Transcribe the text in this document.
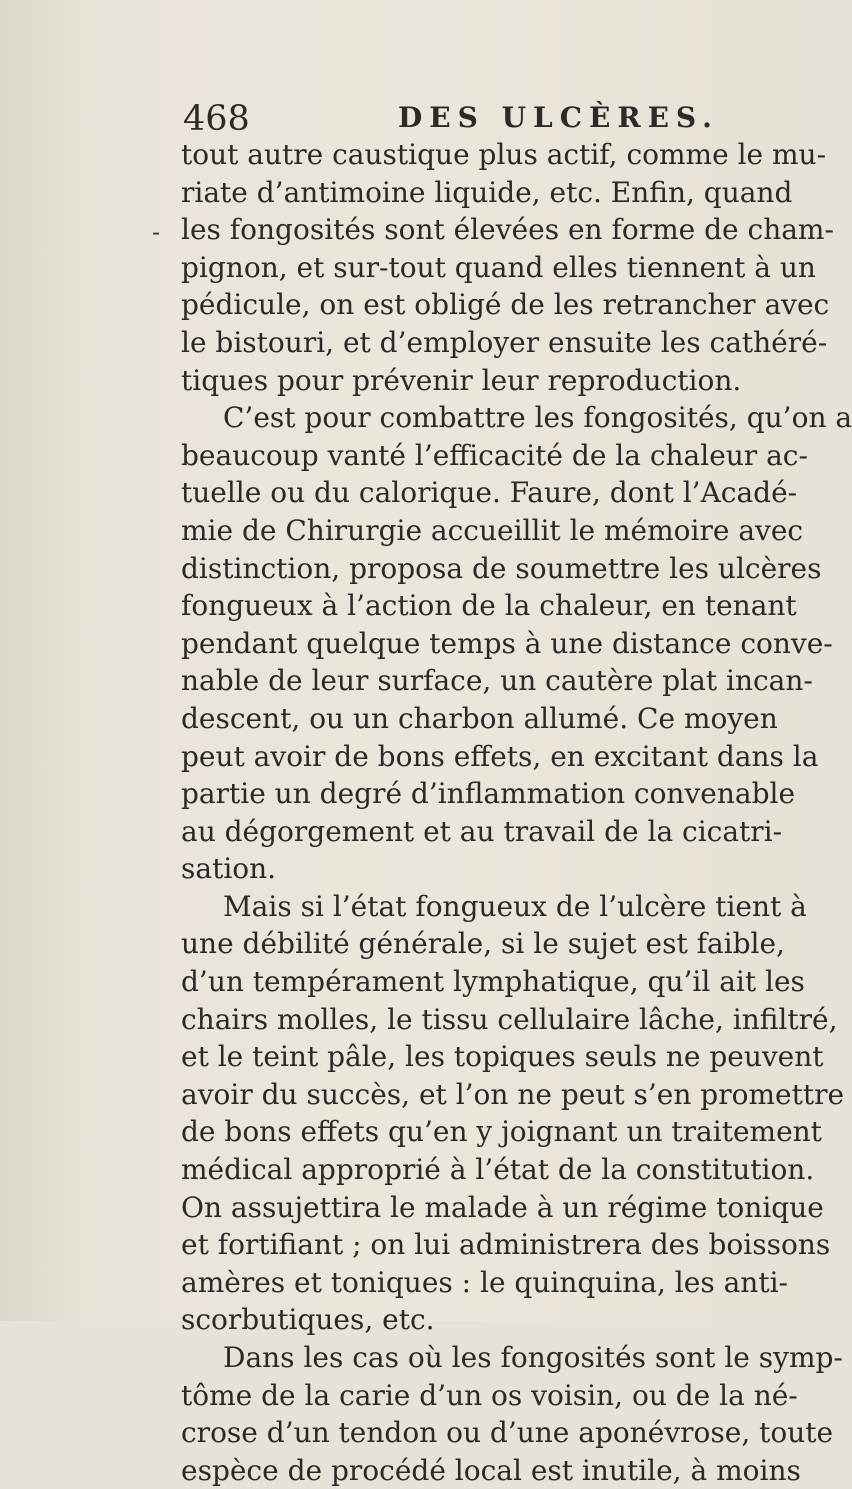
468	DES ULCÈRES.
-
tout autre caustique plus actif, comme le mu-
riate d’antimoine liquide, etc. Enfin, quand
les fongosités sont élevées en forme de cham-
pignon, et sur-tout quand elles tiennent à un
pédicule, on est obligé de les retrancher avec
le bistouri, et d’employer ensuite les cathéré-
tiques pour prévenir leur reproduction.
C’est pour combattre les fongosités, qu’on a
beaucoup vanté l’efficacité de la chaleur ac-
tuelle ou du calorique. Faure, dont l’Acadé-
mie de Chirurgie accueillit le mémoire avec
distinction, proposa de soumettre les ulcères
fongueux à l’action de la chaleur, en tenant
pendant quelque temps à une distance conve-
nable de leur surface, un cautère plat incan-
descent, ou un charbon allumé. Ce moyen
peut avoir de bons effets, en excitant dans la
partie un degré d’inflammation convenable
au dégorgement et au travail de la cicatri-
sation.
Mais si l’état fongueux de l’ulcère tient à
une débilité générale, si le sujet est faible,
d’un tempérament lymphatique, qu’il ait les
chairs molles, le tissu cellulaire lâche, infiltré,
et le teint pâle, les topiques seuls ne peuvent
avoir du succès, et l’on ne peut s’en promettre
de bons effets qu’en y joignant un traitement
médical approprié à l’état de la constitution.
On assujettira le malade à un régime tonique
et fortifiant ; on lui administrera des boissons
amères et toniques : le quinquina, les anti-
scorbutiques, etc.
Dans les cas où les fongosités sont le symp-
tôme de la carie d’un os voisin, ou de la né-
crose d’un tendon ou d’une aponévrose, toute
espèce de procédé local est inutile, à moins
